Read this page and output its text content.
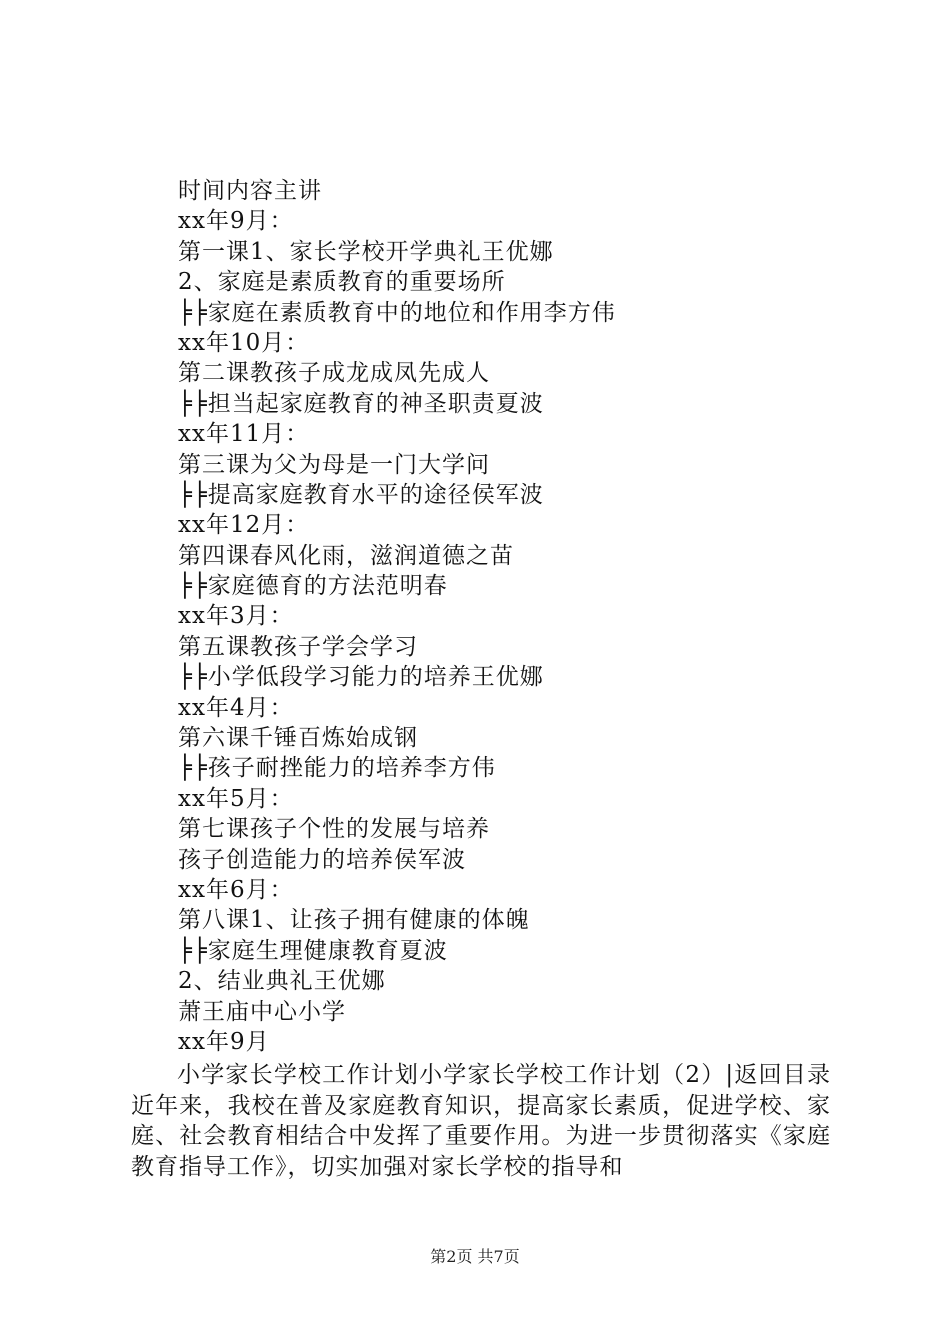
时间内容主讲
xx年9月：
第一课1、家长学校开学典礼王优娜
2、家庭是素质教育的重要场所
╞╞家庭在素质教育中的地位和作用李方伟
xx年10月：
第二课教孩子成龙成凤先成人
╞╞担当起家庭教育的神圣职责夏波
xx年11月：
第三课为父为母是一门大学问
╞╞提高家庭教育水平的途径侯军波
xx年12月：
第四课春风化雨，滋润道德之苗
╞╞家庭德育的方法范明春
xx年3月：
第五课教孩子学会学习
╞╞小学低段学习能力的培养王优娜
xx年4月：
第六课千锤百炼始成钢
╞╞孩子耐挫能力的培养李方伟
xx年5月：
第七课孩子个性的发展与培养
孩子创造能力的培养侯军波
xx年6月：
第八课1、让孩子拥有健康的体魄
╞╞家庭生理健康教育夏波
2、结业典礼王优娜
萧王庙中心小学
xx年9月

小学家长学校工作计划小学家长学校工作计划（2）|返回目录近年来，我校在普及家庭教育知识，提高家长素质，促进学校、家庭、社会教育相结合中发挥了重要作用。为进一步贯彻落实《家庭教育指导工作》，切实加强对家长学校的指导和

第2页 共7页
